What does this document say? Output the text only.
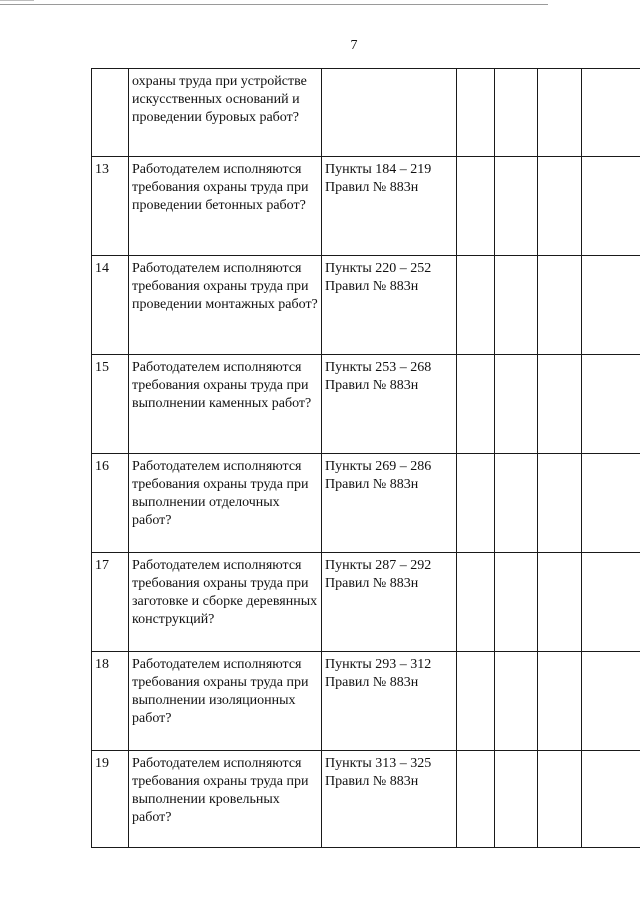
7
	охраны труда при устройстве искусственных оснований и проведении буровых работ?						
13	Работодателем исполняются требования охраны труда при проведении бетонных работ?	Пункты 184 – 219 Правил № 883н					
14	Работодателем исполняются требования охраны труда при проведении монтажных работ?	Пункты 220 – 252 Правил № 883н					
15	Работодателем исполняются требования охраны труда при выполнении каменных работ?	Пункты 253 – 268 Правил № 883н					
16	Работодателем исполняются требования охраны труда при выполнении отделочных работ?	Пункты 269 – 286 Правил № 883н					
17	Работодателем исполняются требования охраны труда при заготовке и сборке деревянных конструкций?	Пункты 287 – 292 Правил № 883н					
18	Работодателем исполняются требования охраны труда при выполнении изоляционных работ?	Пункты 293 – 312 Правил № 883н					
19	Работодателем исполняются требования охраны труда при выполнении кровельных работ?	Пункты 313 – 325 Правил № 883н					
